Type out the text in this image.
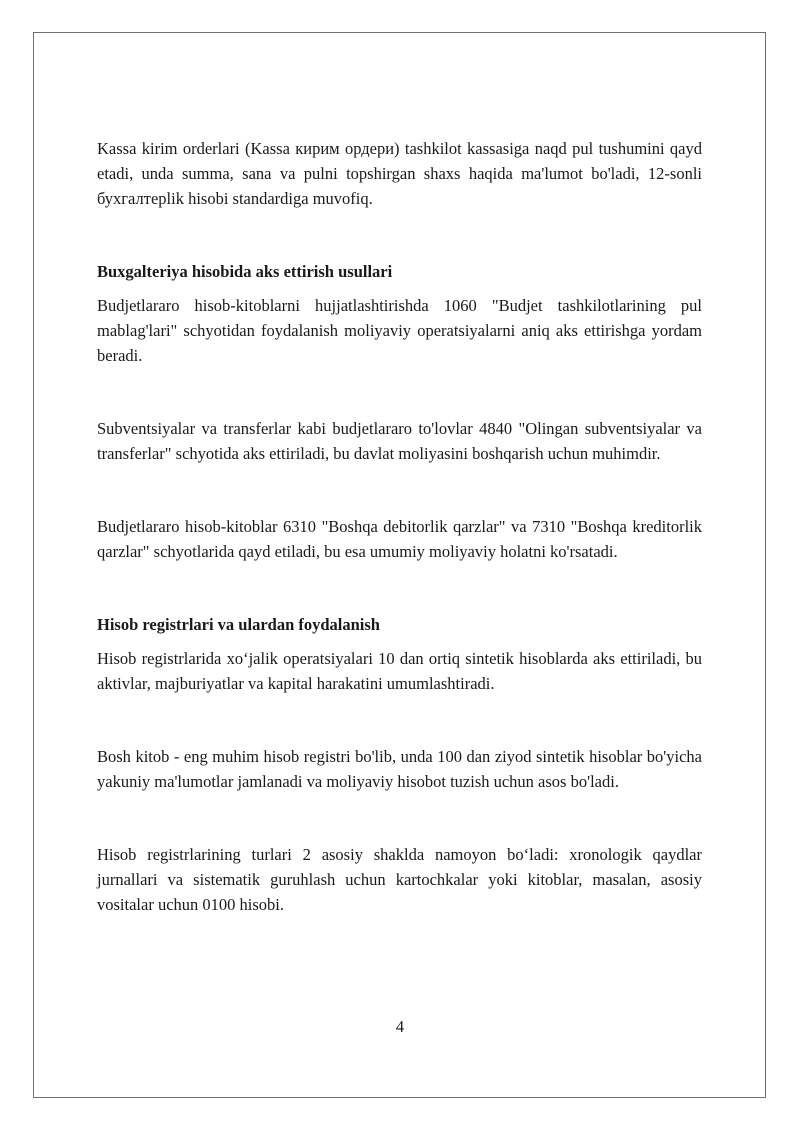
Kassa kirim orderlari (Kassa кирим ордери) tashkilot kassasiga naqd pul tushumini qayd etadi, unda summa, sana va pulni topshirgan shaxs haqida ma'lumot bo'ladi, 12-sonli бухгалтерlik hisobi standardiga muvofiq.

Buxgalteriya hisobida aks ettirish usullari

Budjetlararo hisob-kitoblarni hujjatlashtirishda 1060 "Budjet tashkilotlarining pul mablag'lari" schyotidan foydalanish moliyaviy operatsiyalarni aniq aks ettirishga yordam beradi.

Subventsiyalar va transferlar kabi budjetlararo to'lovlar 4840 "Olingan subventsiyalar va transferlar" schyotida aks ettiriladi, bu davlat moliyasini boshqarish uchun muhimdir.

Budjetlararo hisob-kitoblar 6310 "Boshqa debitorlik qarzlar" va 7310 "Boshqa kreditorlik qarzlar" schyotlarida qayd etiladi, bu esa umumiy moliyaviy holatni ko'rsatadi.

Hisob registrlari va ulardan foydalanish

Hisob registrlarida xo‘jalik operatsiyalari 10 dan ortiq sintetik hisoblarda aks ettiriladi, bu aktivlar, majburiyatlar va kapital harakatini umumlashtiradi.

Bosh kitob - eng muhim hisob registri bo'lib, unda 100 dan ziyod sintetik hisoblar bo'yicha yakuniy ma'lumotlar jamlanadi va moliyaviy hisobot tuzish uchun asos bo'ladi.

Hisob registrlarining turlari 2 asosiy shaklda namoyon bo‘ladi: xronologik qaydlar jurnallari va sistematik guruhlash uchun kartochkalar yoki kitoblar, masalan, asosiy vositalar uchun 0100 hisobi.

4
